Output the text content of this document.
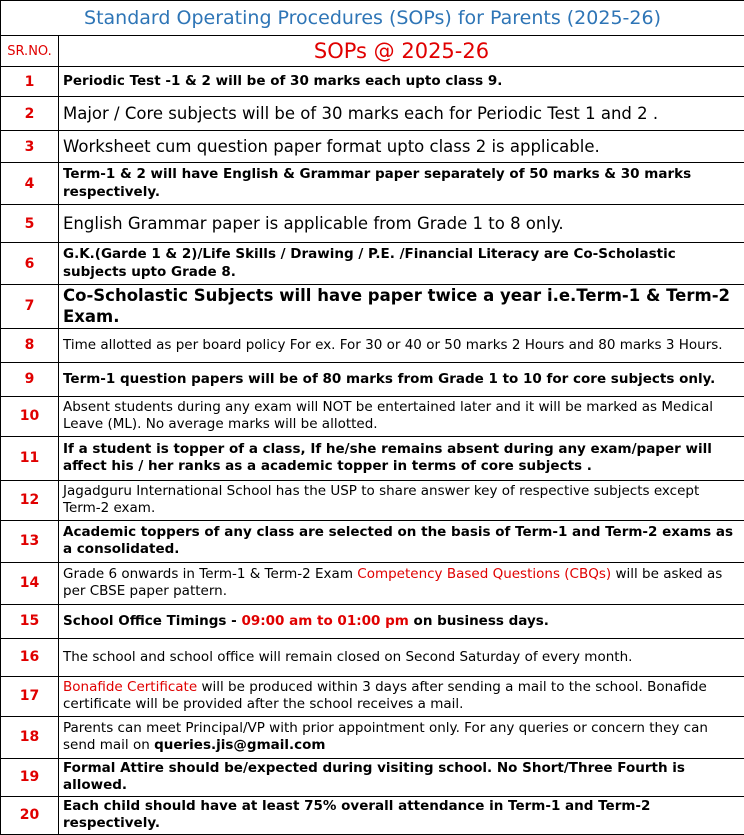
Standard Operating Procedures (SOPs) for Parents (2025-26)	
SR.NO.	SOPs @ 2025-26
1	Periodic Test -1 & 2 will be of 30 marks each upto class 9.
2	Major / Core subjects will be of 30 marks each for Periodic Test 1 and 2 .
3	Worksheet cum question paper format upto class 2 is applicable.
4	Term-1 & 2 will have English & Grammar paper separately of 50 marks & 30 marks respectively.
5	English Grammar paper is applicable from Grade 1 to 8 only.
6	G.K.(Garde 1 & 2)/Life Skills / Drawing / P.E. /Financial Literacy are Co-Scholastic subjects upto Grade 8.
7	Co-Scholastic Subjects will have paper twice a year i.e.Term-1 & Term-2 Exam.
8	Time allotted as per board policy For ex. For 30 or 40 or 50 marks 2 Hours and 80 marks 3 Hours.
9	Term-1 question papers will be of 80 marks from Grade 1 to 10 for core subjects only.
10	Absent students during any exam will NOT be entertained later and it will be marked as Medical Leave (ML). No average marks will be allotted.
11	If a student is topper of a class, If he/she remains absent during any exam/paper will affect his / her ranks as a academic topper in terms of core subjects .
12	Jagadguru International School has the USP to share answer key of respective subjects except Term-2 exam.
13	Academic toppers of any class are selected on the basis of Term-1 and Term-2 exams as a consolidated.
14	Grade 6 onwards in Term-1 & Term-2 Exam Competency Based Questions (CBQs) will be asked as per CBSE paper pattern.
15	School Office Timings - 09:00 am to 01:00 pm on business days.
16	The school and school office will remain closed on Second Saturday of every month.
17	Bonafide Certificate will be produced within 3 days after sending a mail to the school. Bonafide certificate will be provided after the school receives a mail.
18	Parents can meet Principal/VP with prior appointment only. For any queries or concern they can send mail on queries.jis@gmail.com
19	Formal Attire should be/expected during visiting school. No Short/Three Fourth is allowed.
20	Each child should have at least 75% overall attendance in Term-1 and Term-2 respectively.
